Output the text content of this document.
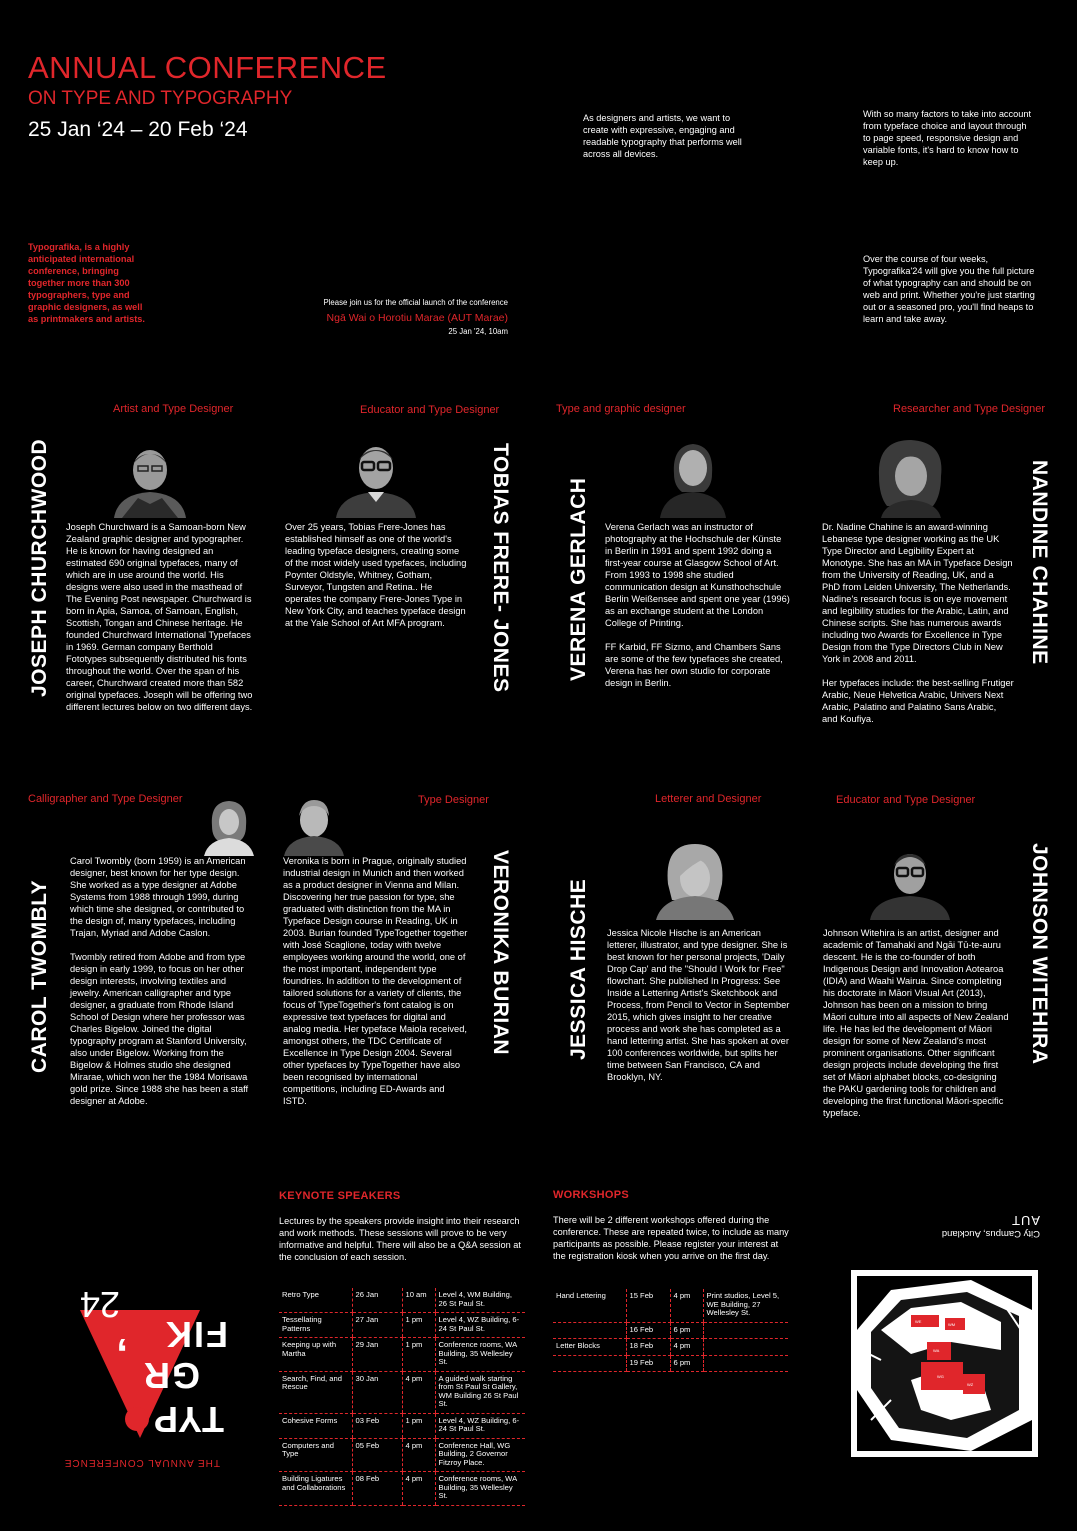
ANNUAL CONFERENCE
ON TYPE AND TYPOGRAPHY
25 Jan ‘24 – 20 Feb ‘24	As designers and artists, we want to create with expressive, engaging and readable typography that performs well across all devices.
With so many factors to take into account from typeface choice and layout through to page speed, responsive design and variable fonts, it's hard to know how to keep up.
Typografika, is a highly anticipated international conference, bringing together more than 300 typographers, type and graphic designers, as well as printmakers and artists.
Over the course of four weeks, Typografika'24 will give you the full picture of what typography can and should be on web and print. Whether you're just starting out or a seasoned pro, you'll find heaps to learn and take away.
Please join us for the official launch of the conference
Ngā Wai o Horotiu Marae (AUT Marae)
25 Jan '24, 10am
Artist and Type Designer
JOSEPH CHURCHWOOD Joseph Churchward is a Samoan-born New Zealand graphic designer and typographer. He is known for having designed an estimated 690 original typefaces, many of which are in use around the world. His designs were also used in the masthead of The Evening Post newspaper. Churchward is born in Apia, Samoa, of Samoan, English, Scottish, Tongan and Chinese heritage. He founded Churchward International Typefaces in 1969. German company Berthold Fototypes subsequently distributed his fonts throughout the world. Over the span of his career, Churchward created more than 582 original typefaces. Joseph will be offering two different lectures below on two different days.
Educator and Type Designer
TOBIAS FRERE- JONES
Over 25 years, Tobias Frere-Jones has established himself as one of the world's leading typeface designers, creating some of the most widely used typefaces, including Poynter Oldstyle, Whitney, Gotham, Surveyor, Tungsten and Retina.. He operates the company Frere-Jones Type in New York City, and teaches typeface design at the Yale School of Art MFA program.
Type and graphic designer
VERENA GERLACH Verena Gerlach was an instructor of photography at the Hochschule der Künste in Berlin in 1991 and spent 1992 doing a first-year course at Glasgow School of Art. From 1993 to 1998 she studied communication design at Kunsthochschule Berlin Weißensee and spent one year (1996) as an exchange student at the London College of Printing.

FF Karbid, FF Sizmo, and Chambers Sans are some of the few typefaces she created, Verena has her own studio for corporate design in Berlin.
Researcher and Type Designer
NANDINE CHAHINE
Dr. Nadine Chahine is an award-winning Lebanese type designer working as the UK Type Director and Legibility Expert at Monotype. She has an MA in Typeface Design from the University of Reading, UK, and a PhD from Leiden University, The Netherlands. Nadine's research focus is on eye movement and legibility studies for the Arabic, Latin, and Chinese scripts. She has numerous awards including two Awards for Excellence in Type Design from the Type Directors Club in New York in 2008 and 2011.

Her typefaces include: the best-selling Frutiger Arabic, Neue Helvetica Arabic, Univers Next Arabic, Palatino and Palatino Sans Arabic, and Koufiya.
Calligrapher and Type Designer
CAROL TWOMBLY
Carol Twombly (born 1959) is an American designer, best known for her type design. She worked as a type designer at Adobe Systems from 1988 through 1999, during which time she designed, or contributed to the design of, many typefaces, including Trajan, Myriad and Adobe Caslon.

Twombly retired from Adobe and from type design in early 1999, to focus on her other design interests, involving textiles and jewelry. American calligrapher and type designer, a graduate from Rhode Island School of Design where her professor was Charles Bigelow. Joined the digital typography program at Stanford University, also under Bigelow. Working from the Bigelow & Holmes studio she designed Mirarae, which won her the 1984 Morisawa gold prize. Since 1988 she has been a staff designer at Adobe.
Type Designer
VERONIKA BURIAN
Veronika is born in Prague, originally studied industrial design in Munich and then worked as a product designer in Vienna and Milan. Discovering her true passion for type, she graduated with distinction from the MA in Typeface Design course in Reading, UK in 2003. Burian founded TypeTogether together with José Scaglione, today with twelve employees working around the world, one of the most important, independent type foundries. In addition to the development of tailored solutions for a variety of clients, the focus of TypeTogether's font catalog is on expressive text typefaces for digital and analog media. Her typeface Maiola received, amongst others, the TDC Certificate of Excellence in Type Design 2004. Several other typefaces by TypeTogether have also been recognised by international competitions, including ED-Awards and ISTD.
Letterer and Designer
JESSICA HISCHE Jessica Nicole Hische is an American letterer, illustrator, and type designer. She is best known for her personal projects, 'Daily Drop Cap' and the "Should I Work for Free" flowchart. She published In Progress: See Inside a Lettering Artist's Sketchbook and Process, from Pencil to Vector in September 2015, which gives insight to her creative process and work she has completed as a hand lettering artist. She has spoken at over 100 conferences worldwide, but splits her time between San Francisco, CA and Brooklyn, NY.
Educator and Type Designer
JOHNSON WITEHIRA
Johnson Witehira is an artist, designer and academic of Tamahaki and Ngāi Tū-te-auru descent. He is the co-founder of both Indigenous Design and Innovation Aotearoa (IDIA) and Waahi Wairua. Since completing his doctorate in Māori Visual Art (2013), Johnson has been on a mission to bring Māori culture into all aspects of New Zealand life. He has led the development of Māori design for some of New Zealand's most prominent organisations. Other significant design projects include developing the first set of Māori alphabet blocks, co-designing the PAKU gardening tools for children and developing the first functional Māori-specific typeface.
KEYNOTE SPEAKERS
Lectures by the speakers provide insight into their research and work methods. These sessions will prove to be very informative and helpful. There will also be a Q&A session at the conclusion of each session.
Retro Type	26 Jan	10 am	Level 4, WM Building, 26 St Paul St.
Tessellating Patterns	27 Jan	1 pm	Level 4, WZ Building, 6-24 St Paul St.
Keeping up with Martha	29 Jan	1 pm	Conference rooms, WA Building, 35 Wellesley St.
Search, Find, and Rescue	30 Jan	4 pm	A guided walk starting from St Paul St Gallery, WM Building 26 St Paul St.
Cohesive Forms	03 Feb	1 pm	Level 4, WZ Building, 6-24 St Paul St.
Computers and Type	05 Feb	4 pm	Conference Hall, WG Building, 2 Governor Fitzroy Place.
Building Ligatures and Collaborations	08 Feb	4 pm	Conference rooms, WA Building, 35 Wellesley St.
WORKSHOPS
There will be 2 different workshops offered during the conference. These are repeated twice, to include as many participants as possible. Please register your interest at the registration kiosk when you arrive on the first day.
Hand Lettering	15 Feb	4 pm	Print studios, Level 5, WE Building, 27 Wellesley St.
	16 Feb	6 pm	
Letter Blocks	18 Feb	4 pm	
	19 Feb	6 pm	
GR
TYP
FIK
’
24
THE ANNUAL CONFERENCE
City Campus, Auckland
AUT
WE
WM
WA
WG
WZ
